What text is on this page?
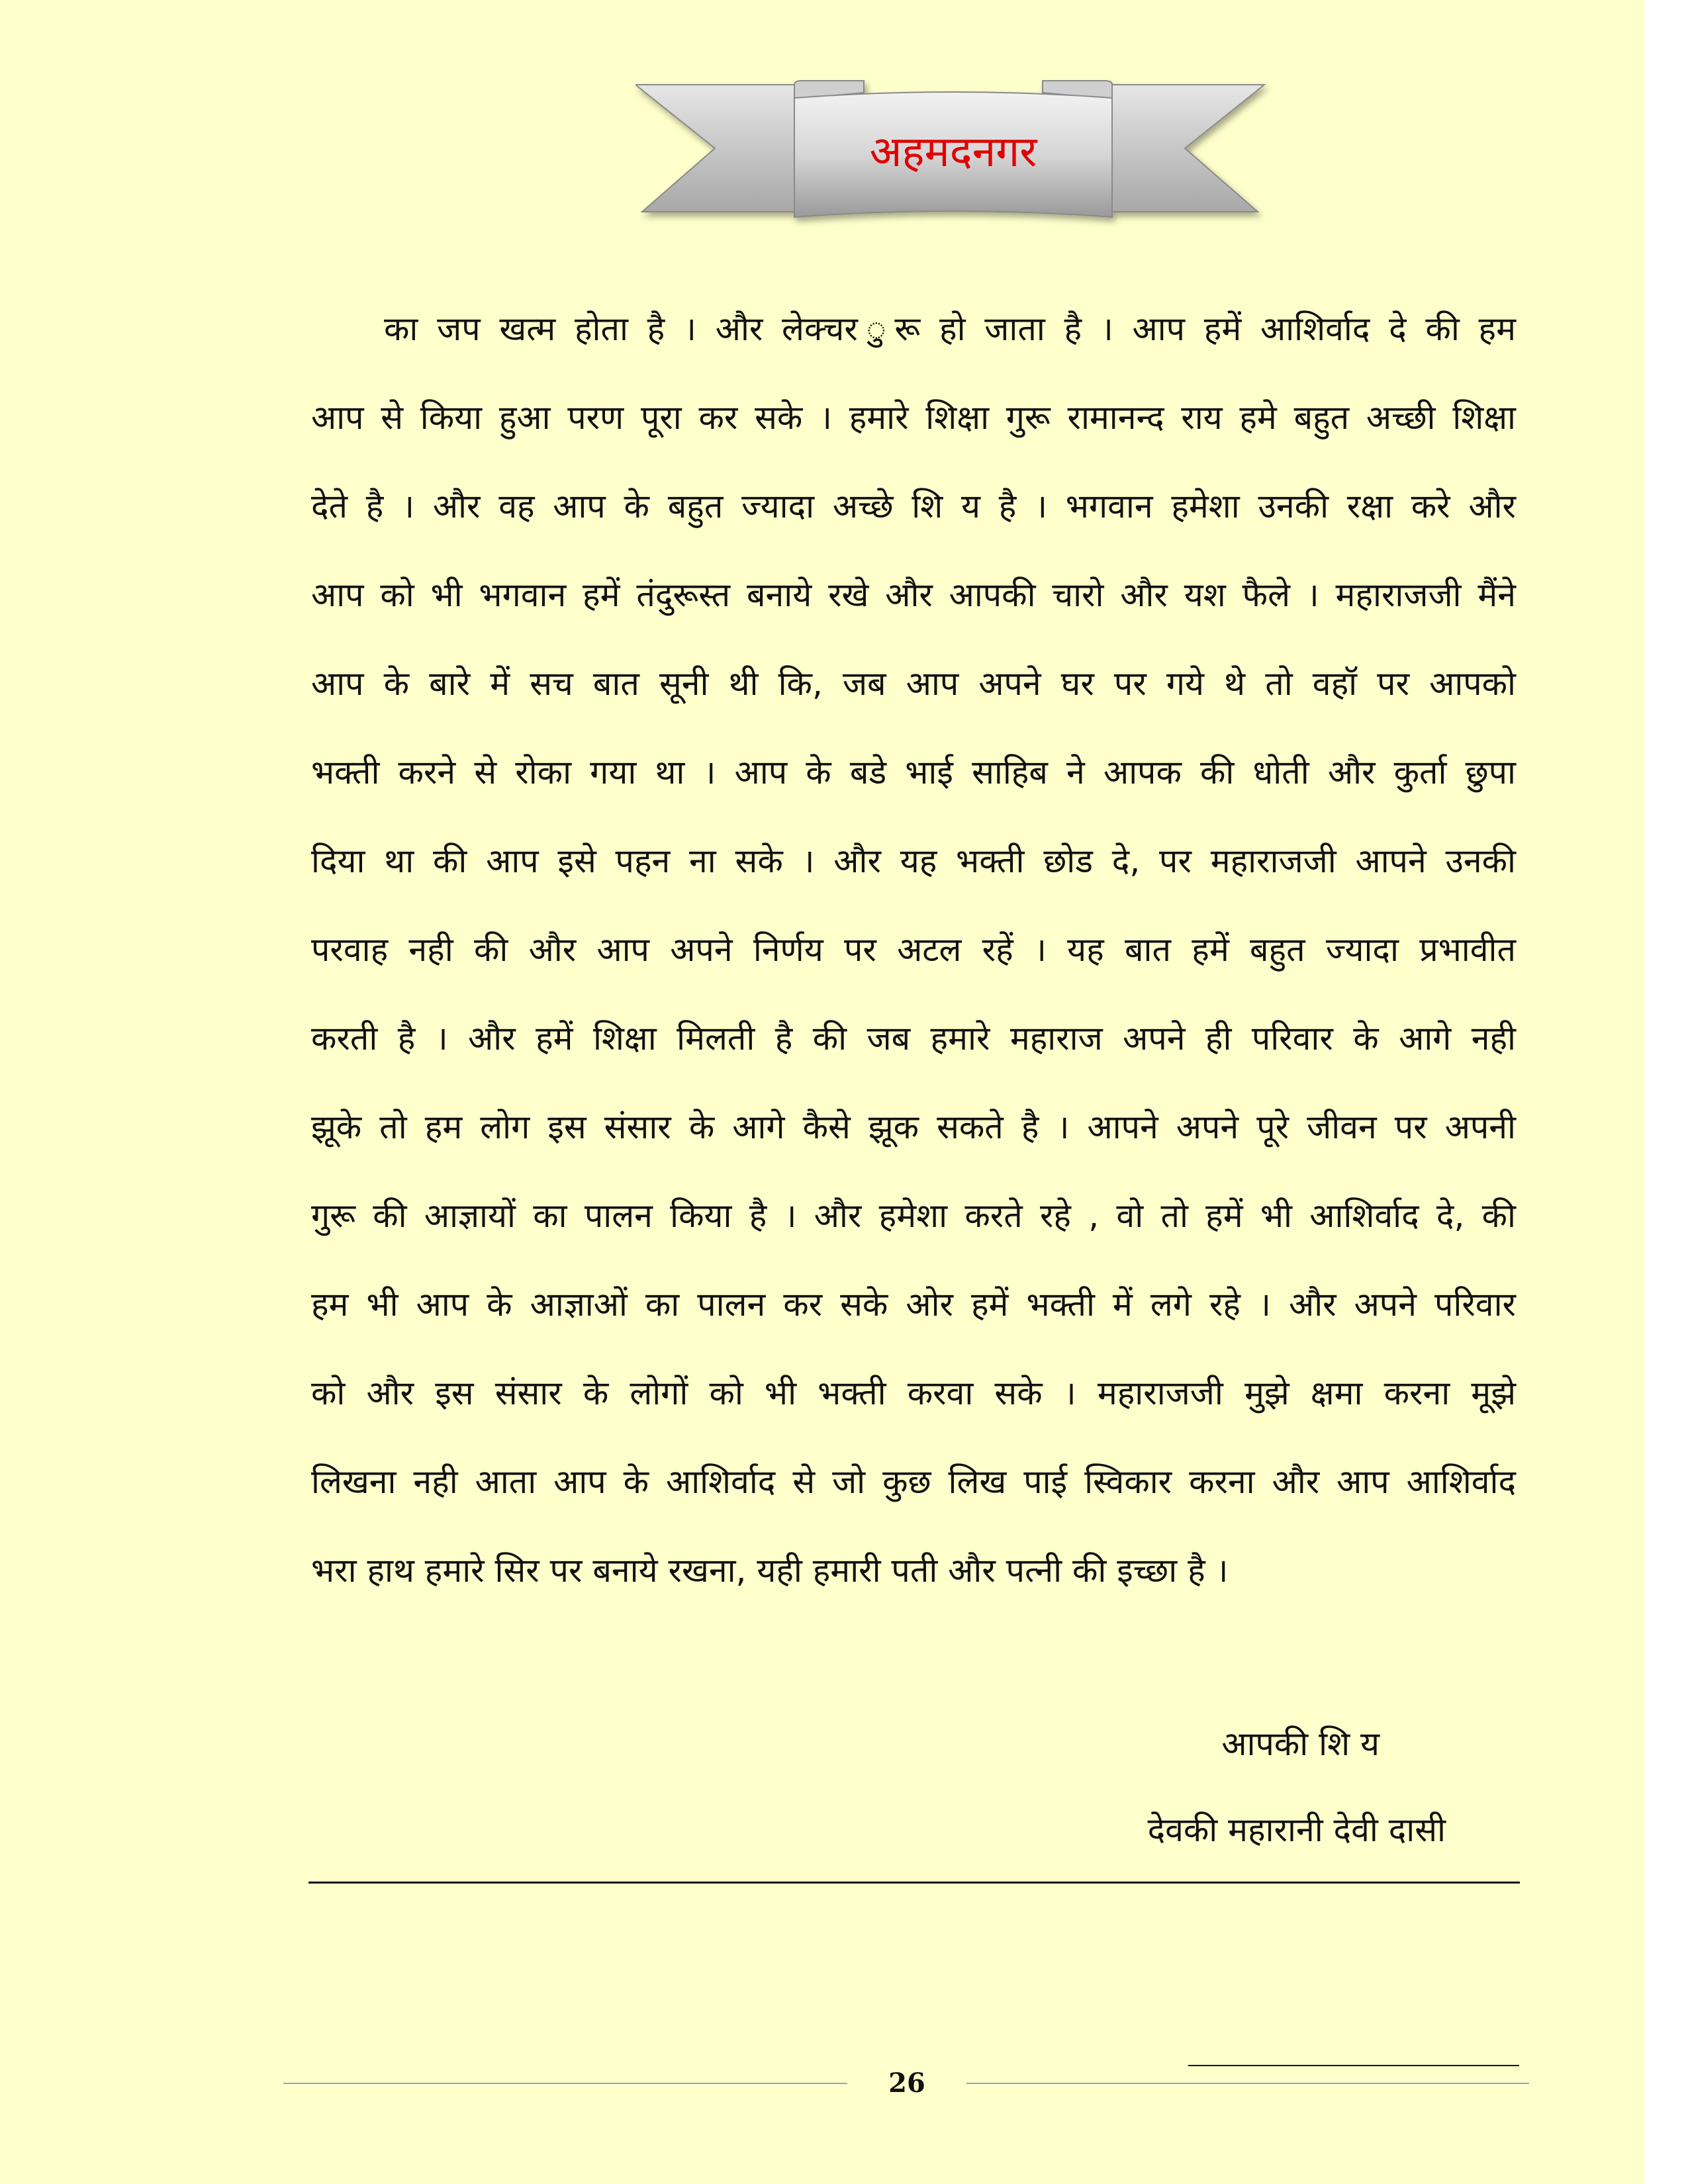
अहमदनगर
का जप खत्म होता है । और लेक्चर ुरू हो जाता है । आप हमें आशिर्वाद दे की हम
आप से किया हुआ परण पूरा कर सके । हमारे शिक्षा गुरू रामानन्द राय हमे बहुत अच्छी शिक्षा
देते है । और वह आप के बहुत ज्यादा अच्छे शि य है । भगवान हमेशा उनकी रक्षा करे और
आप को भी भगवान हमें तंदुरूस्त बनाये रखे और आपकी चारो और यश फैले । महाराजजी मैंने
आप के बारे में सच बात सूनी थी कि, जब आप अपने घर पर गये थे तो वहॉ पर आपको
भक्ती करने से रोका गया था । आप के बडे भाई साहिब ने आपक की धोती और कुर्ता छुपा
दिया था की आप इसे पहन ना सके । और यह भक्ती छोड दे, पर महाराजजी आपने उनकी
परवाह नही की और आप अपने निर्णय पर अटल रहें । यह बात हमें बहुत ज्यादा प्रभावीत
करती है । और हमें शिक्षा मिलती है की जब हमारे महाराज अपने ही परिवार के आगे नही
झूके तो हम लोग इस संसार के आगे कैसे झूक सकते है । आपने अपने पूरे जीवन पर अपनी
गुरू की आज्ञायों का पालन किया है । और हमेशा करते रहे , वो तो हमें भी आशिर्वाद दे, की
हम भी आप के आज्ञाओं का पालन कर सके ओर हमें भक्ती में लगे रहे । और अपने परिवार
को और इस संसार के लोगों को भी भक्ती करवा सके । महाराजजी मुझे क्षमा करना मूझे
लिखना नही आता आप के आशिर्वाद से जो कुछ लिख पाई स्विकार करना और आप आशिर्वाद
भरा हाथ हमारे सिर पर बनाये रखना, यही हमारी पती और पत्नी की इच्छा है ।
आपकी शि य
देवकी महारानी देवी दासी
26
